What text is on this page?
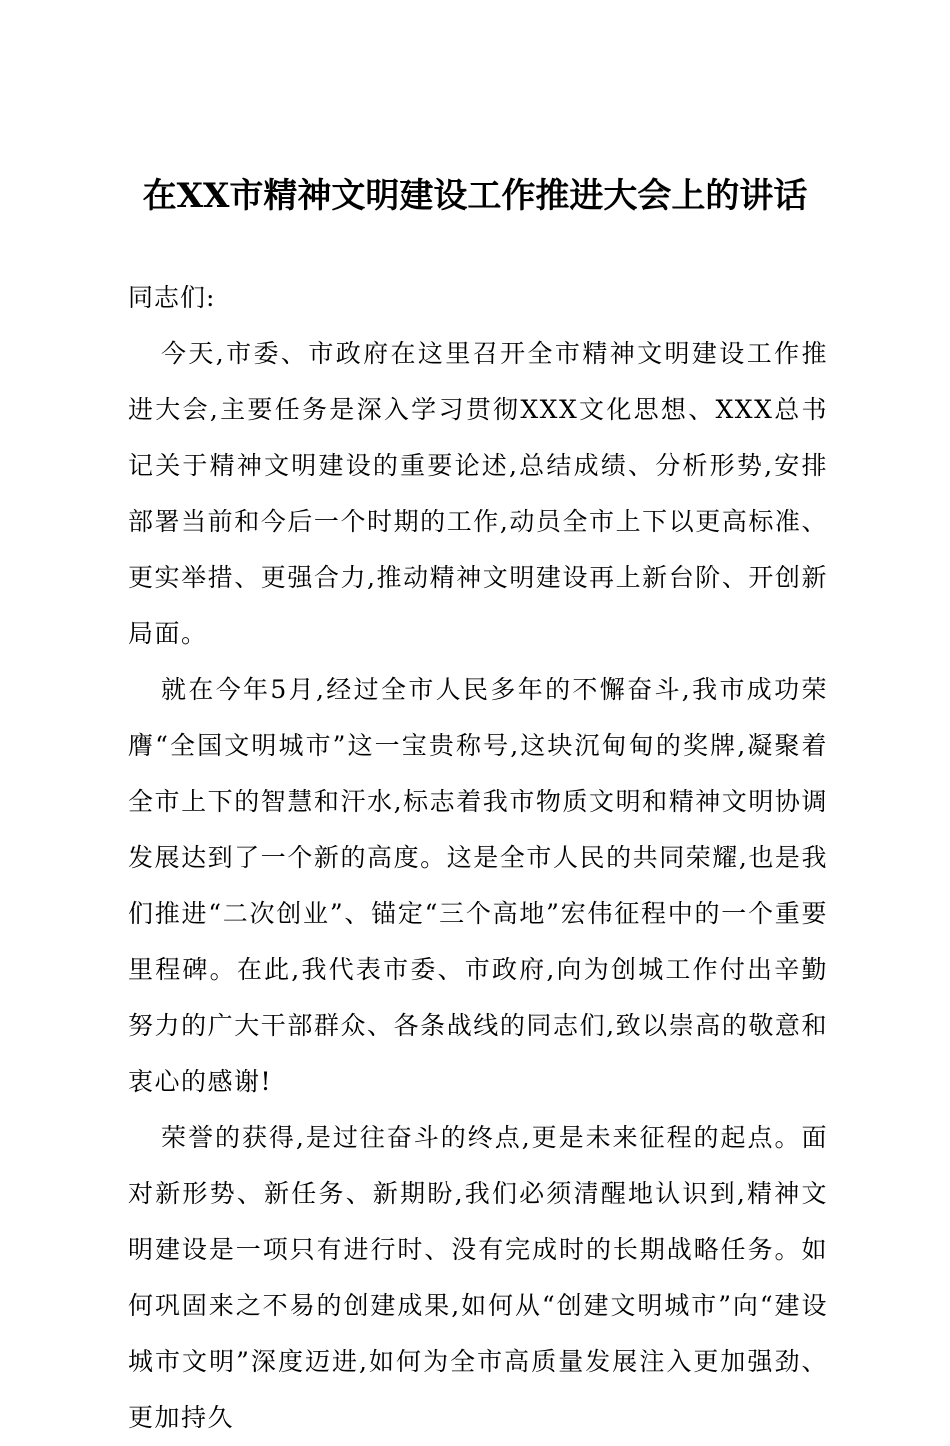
在XX市精神文明建设工作推进大会上的讲话

同志们:

今天,市委、市政府在这里召开全市精神文明建设工作推进大会,主要任务是深入学习贯彻XXX文化思想、XXX总书记关于精神文明建设的重要论述,总结成绩、分析形势,安排部署当前和今后一个时期的工作,动员全市上下以更高标准、更实举措、更强合力,推动精神文明建设再上新台阶、开创新局面。

就在今年5月,经过全市人民多年的不懈奋斗,我市成功荣膺“全国文明城市”这一宝贵称号,这块沉甸甸的奖牌,凝聚着全市上下的智慧和汗水,标志着我市物质文明和精神文明协调发展达到了一个新的高度。这是全市人民的共同荣耀,也是我们推进“二次创业”、锚定“三个高地”宏伟征程中的一个重要里程碑。在此,我代表市委、市政府,向为创城工作付出辛勤努力的广大干部群众、各条战线的同志们,致以崇高的敬意和衷心的感谢!

荣誉的获得,是过往奋斗的终点,更是未来征程的起点。面对新形势、新任务、新期盼,我们必须清醒地认识到,精神文明建设是一项只有进行时、没有完成时的长期战略任务。如何巩固来之不易的创建成果,如何从“创建文明城市”向“建设城市文明”深度迈进,如何为全市高质量发展注入更加强劲、更加持久
